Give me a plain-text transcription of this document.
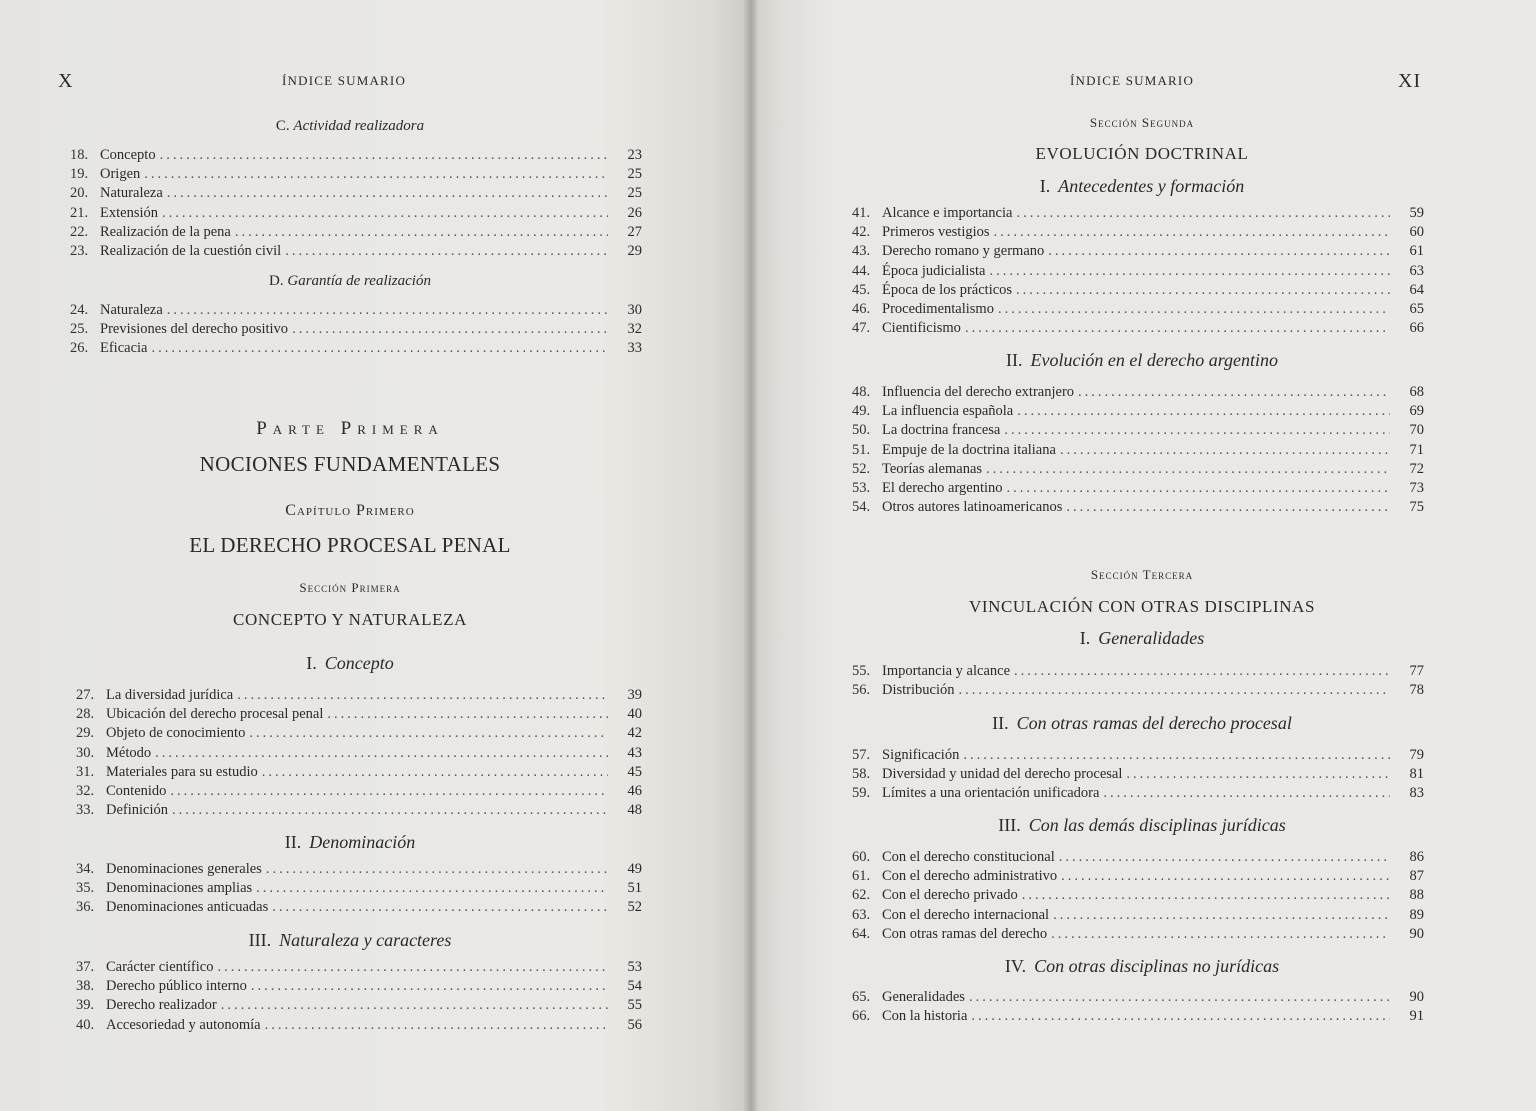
X	ÍNDICE SUMARIO
C. Actividad realizadora
18. Concepto .....	23
19. Origen .....	25
20. Naturaleza .....	25
21. Extensión .....	26
22. Realización de la pena .....	27
23. Realización de la cuestión civil .....	29
D. Garantía de realización
24. Naturaleza .....	30
25. Previsiones del derecho positivo .....	32
26. Eficacia .....	33
Parte Primera
NOCIONES FUNDAMENTALES
Capítulo Primero
EL DERECHO PROCESAL PENAL
Sección Primera
CONCEPTO Y NATURALEZA
I. Concepto
27. La diversidad jurídica .....	39
28. Ubicación del derecho procesal penal .....	40
29. Objeto de conocimiento .....	42
30. Método .....	43
31. Materiales para su estudio .....	45
32. Contenido .....	46
33. Definición .....	48
II. Denominación
34. Denominaciones generales .....	49
35. Denominaciones amplias .....	51
36. Denominaciones anticuadas .....	52
III. Naturaleza y caracteres
37. Carácter científico .....	53
38. Derecho público interno .....	54
39. Derecho realizador .....	55
40. Accesoriedad y autonomía .....	56
ÍNDICE SUMARIO	XI
Sección Segunda
EVOLUCIÓN DOCTRINAL
I. Antecedentes y formación
41. Alcance e importancia .....	59
42. Primeros vestigios .....	60
43. Derecho romano y germano .....	61
44. Época judicialista .....	63
45. Época de los prácticos .....	64
46. Procedimentalismo .....	65
47. Cientificismo .....	66
II. Evolución en el derecho argentino
48. Influencia del derecho extranjero .....	68
49. La influencia española .....	69
50. La doctrina francesa .....	70
51. Empuje de la doctrina italiana .....	71
52. Teorías alemanas .....	72
53. El derecho argentino .....	73
54. Otros autores latinoamericanos .....	75
Sección Tercera
VINCULACIÓN CON OTRAS DISCIPLINAS
I. Generalidades
55. Importancia y alcance .....	77
56. Distribución .....	78
II. Con otras ramas del derecho procesal
57. Significación .....	79
58. Diversidad y unidad del derecho procesal .....	81
59. Límites a una orientación unificadora .....	83
III. Con las demás disciplinas jurídicas
60. Con el derecho constitucional .....	86
61. Con el derecho administrativo .....	87
62. Con el derecho privado .....	88
63. Con el derecho internacional .....	89
64. Con otras ramas del derecho .....	90
IV. Con otras disciplinas no jurídicas
65. Generalidades .....	90
66. Con la historia .....	91
